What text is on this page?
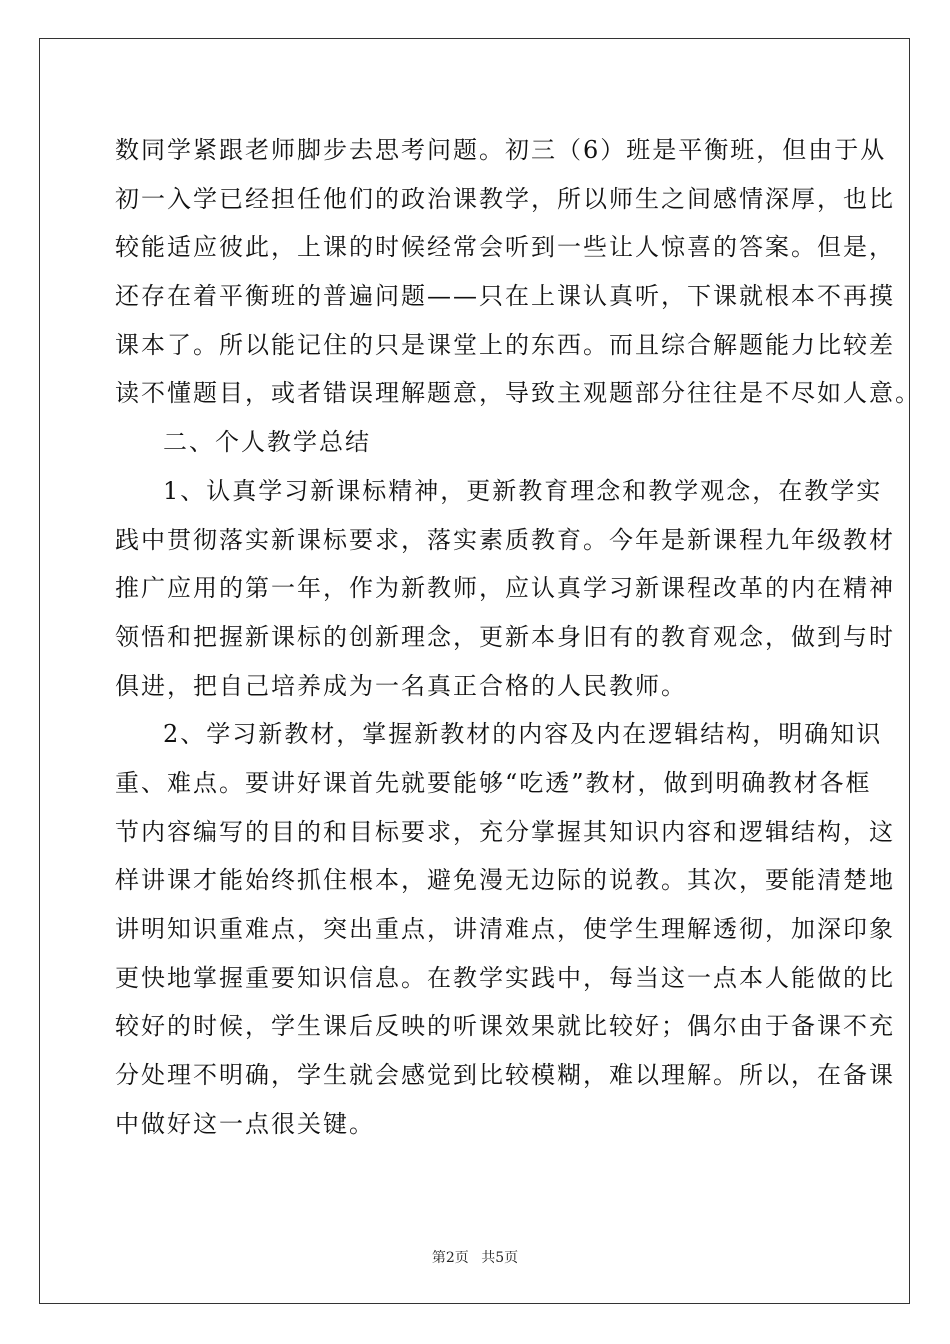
数同学紧跟老师脚步去思考问题。初三（6）班是平衡班，但由于从
初一入学已经担任他们的政治课教学，所以师生之间感情深厚，也比
较能适应彼此，上课的时候经常会听到一些让人惊喜的答案。但是，
还存在着平衡班的普遍问题——只在上课认真听，下课就根本不再摸
课本了。所以能记住的只是课堂上的东西。而且综合解题能力比较差
读不懂题目，或者错误理解题意，导致主观题部分往往是不尽如人意。
二、个人教学总结
1、认真学习新课标精神，更新教育理念和教学观念，在教学实
践中贯彻落实新课标要求，落实素质教育。今年是新课程九年级教材
推广应用的第一年，作为新教师，应认真学习新课程改革的内在精神
领悟和把握新课标的创新理念，更新本身旧有的教育观念，做到与时
俱进，把自己培养成为一名真正合格的人民教师。
2、学习新教材，掌握新教材的内容及内在逻辑结构，明确知识
重、难点。要讲好课首先就要能够“吃透”教材，做到明确教材各框
节内容编写的目的和目标要求，充分掌握其知识内容和逻辑结构，这
样讲课才能始终抓住根本，避免漫无边际的说教。其次，要能清楚地
讲明知识重难点，突出重点，讲清难点，使学生理解透彻，加深印象
更快地掌握重要知识信息。在教学实践中，每当这一点本人能做的比
较好的时候，学生课后反映的听课效果就比较好；偶尔由于备课不充
分处理不明确，学生就会感觉到比较模糊，难以理解。所以，在备课
中做好这一点很关键。
第2页 共5页
